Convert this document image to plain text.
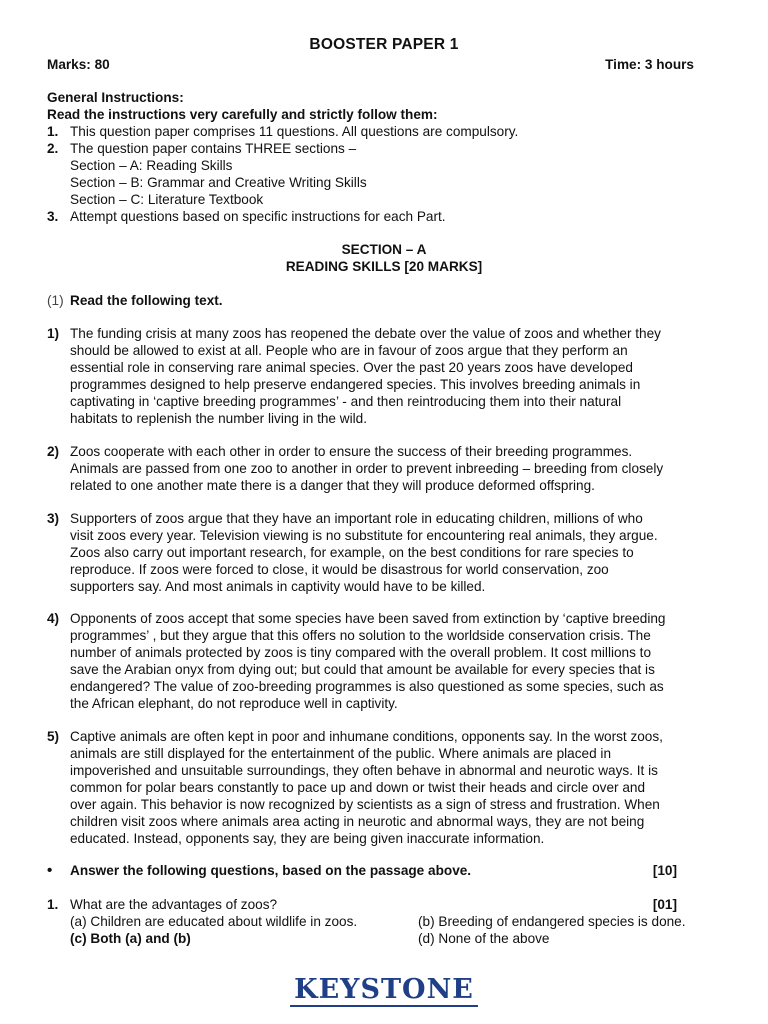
BOOSTER PAPER 1
Marks: 80	Time: 3 hours
General Instructions:
Read the instructions very carefully and strictly follow them:
1. This question paper comprises 11 questions. All questions are compulsory.
2. The question paper contains THREE sections –
Section – A: Reading Skills
Section – B: Grammar and Creative Writing Skills
Section – C: Literature Textbook
3. Attempt questions based on specific instructions for each Part.
SECTION – A
READING SKILLS [20 MARKS]
(1) Read the following text.
1) The funding crisis at many zoos has reopened the debate over the value of zoos and whether they
should be allowed to exist at all. People who are in favour of zoos argue that they perform an
essential role in conserving rare animal species. Over the past 20 years zoos have developed
programmes designed to help preserve endangered species. This involves breeding animals in
captivating in ‘captive breeding programmes’ - and then reintroducing them into their natural
habitats to replenish the number living in the wild.
2) Zoos cooperate with each other in order to ensure the success of their breeding programmes.
Animals are passed from one zoo to another in order to prevent inbreeding – breeding from closely
related to one another mate there is a danger that they will produce deformed offspring.
3) Supporters of zoos argue that they have an important role in educating children, millions of who
visit zoos every year. Television viewing is no substitute for encountering real animals, they argue.
Zoos also carry out important research, for example, on the best conditions for rare species to
reproduce. If zoos were forced to close, it would be disastrous for world conservation, zoo
supporters say. And most animals in captivity would have to be killed.
4) Opponents of zoos accept that some species have been saved from extinction by ‘captive breeding
programmes’ , but they argue that this offers no solution to the worldside conservation crisis. The
number of animals protected by zoos is tiny compared with the overall problem. It cost millions to
save the Arabian onyx from dying out; but could that amount be available for every species that is
endangered? The value of zoo-breeding programmes is also questioned as some species, such as
the African elephant, do not reproduce well in captivity.
5) Captive animals are often kept in poor and inhumane conditions, opponents say. In the worst zoos,
animals are still displayed for the entertainment of the public. Where animals are placed in
impoverished and unsuitable surroundings, they often behave in abnormal and neurotic ways. It is
common for polar bears constantly to pace up and down or twist their heads and circle over and
over again. This behavior is now recognized by scientists as a sign of stress and frustration. When
children visit zoos where animals area acting in neurotic and abnormal ways, they are not being
educated. Instead, opponents say, they are being given inaccurate information.
• Answer the following questions, based on the passage above.	[10]
1. What are the advantages of zoos?	[01]
(a) Children are educated about wildlife in zoos.	(b) Breeding of endangered species is done.
(c) Both (a) and (b)	(d) None of the above
KEYSTONE
